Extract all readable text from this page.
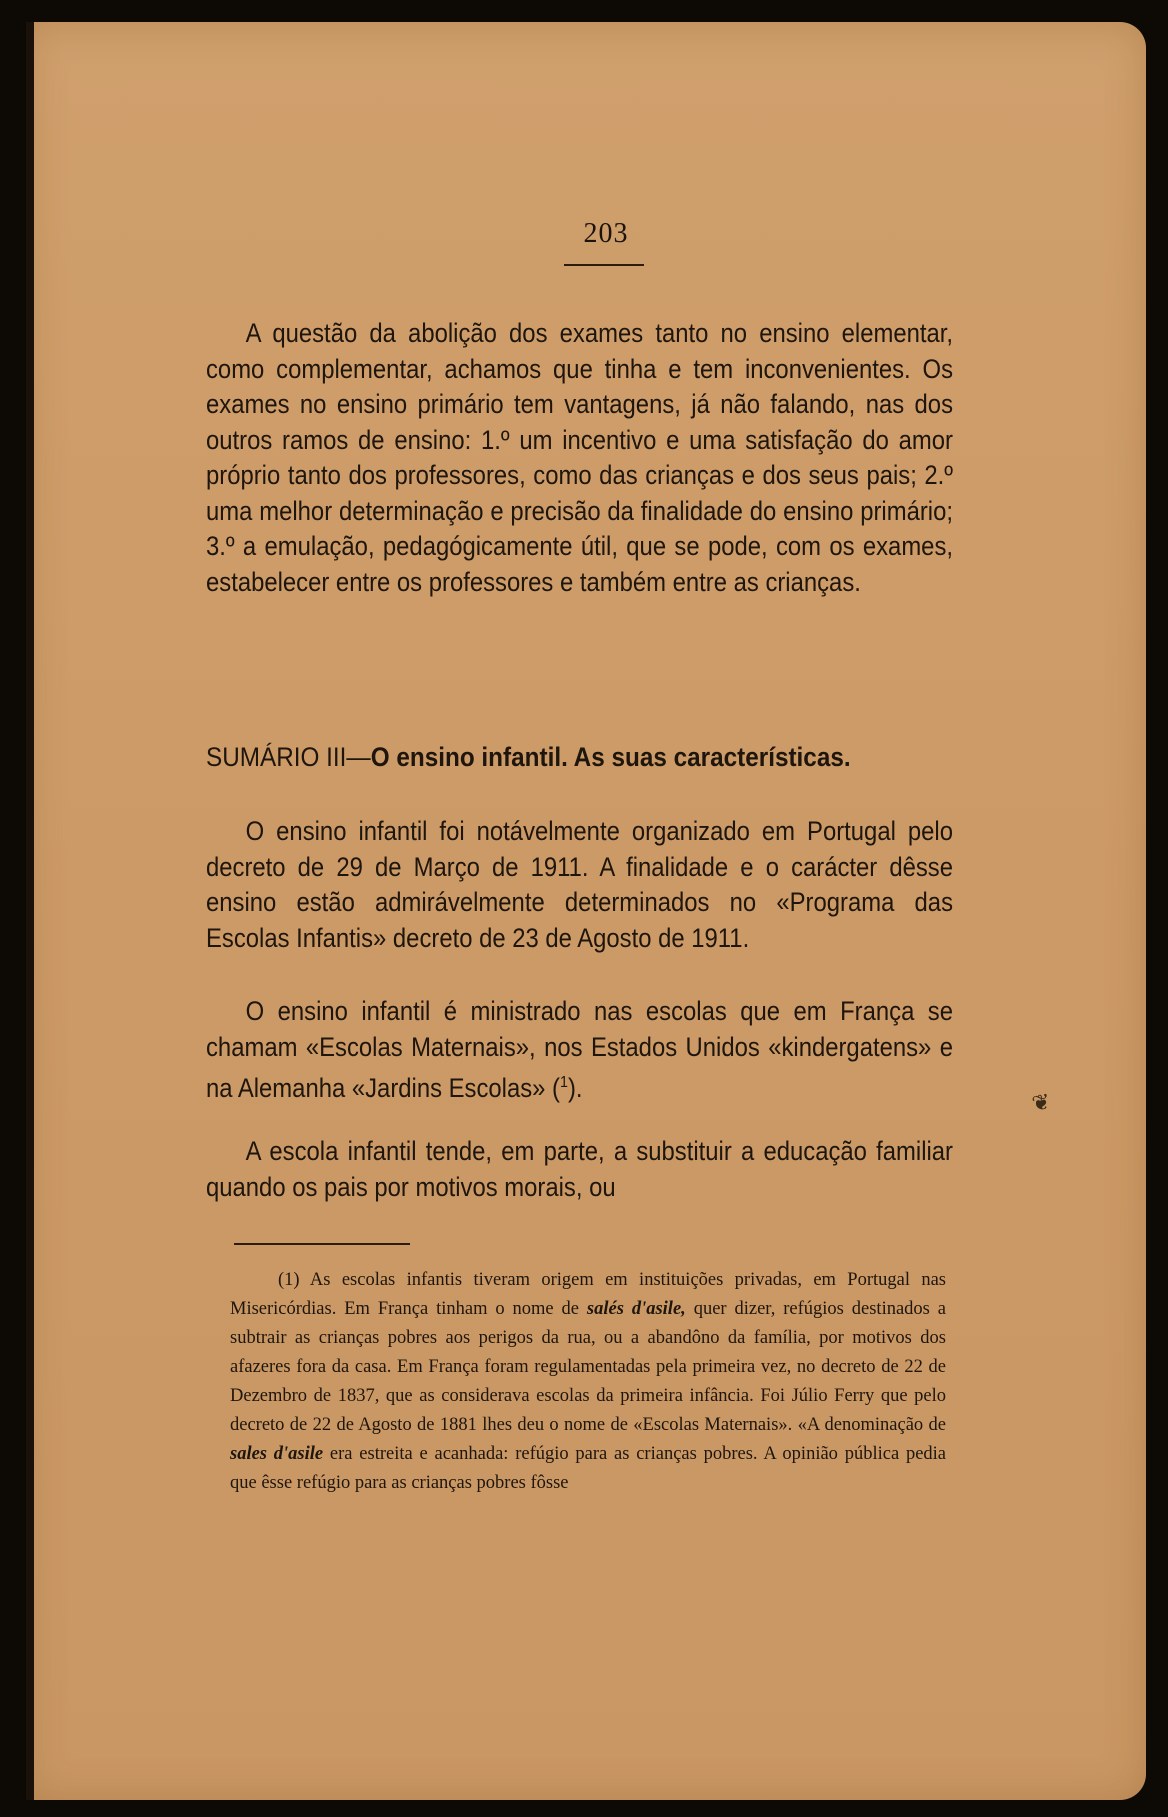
203

A questão da abolição dos exames tanto no ensino elementar, como complementar, achamos que tinha e tem inconvenientes. Os exames no ensino primário tem vantagens, já não falando, nas dos outros ramos de ensino: 1.º um incentivo e uma satisfação do amor próprio tanto dos professores, como das crianças e dos seus pais; 2.º uma melhor determinação e precisão da finalidade do ensino primário; 3.º a emulação, pedagógicamente útil, que se pode, com os exames, estabelecer entre os professores e também entre as crianças.

SUMÁRIO III—O ensino infantil. As suas características.

O ensino infantil foi notávelmente organizado em Portugal pelo decreto de 29 de Março de 1911. A finalidade e o carácter dêsse ensino estão admirávelmente determinados no «Programa das Escolas Infantis» decreto de 23 de Agosto de 1911.

O ensino infantil é ministrado nas escolas que em França se chamam «Escolas Maternais», nos Estados Unidos «kindergatens» e na Alemanha «Jardins Escolas» ($^1$).

A escola infantil tende, em parte, a substituir a educação familiar quando os pais por motivos morais, ou

(1) As escolas infantis tiveram origem em instituições privadas, em Portugal nas Misericórdias. Em França tinham o nome de salés d'asile, quer dizer, refúgios destinados a subtrair as crianças pobres aos perigos da rua, ou a abandôno da família, por motivos dos afazeres fora da casa. Em França foram regulamentadas pela primeira vez, no decreto de 22 de Dezembro de 1837, que as considerava escolas da primeira infância. Foi Júlio Ferry que pelo decreto de 22 de Agosto de 1881 lhes deu o nome de «Escolas Maternais». «A denominação de sales d'asile era estreita e acanhada: refúgio para as crianças pobres. A opinião pública pedia que êsse refúgio para as crianças pobres fôsse

❦
